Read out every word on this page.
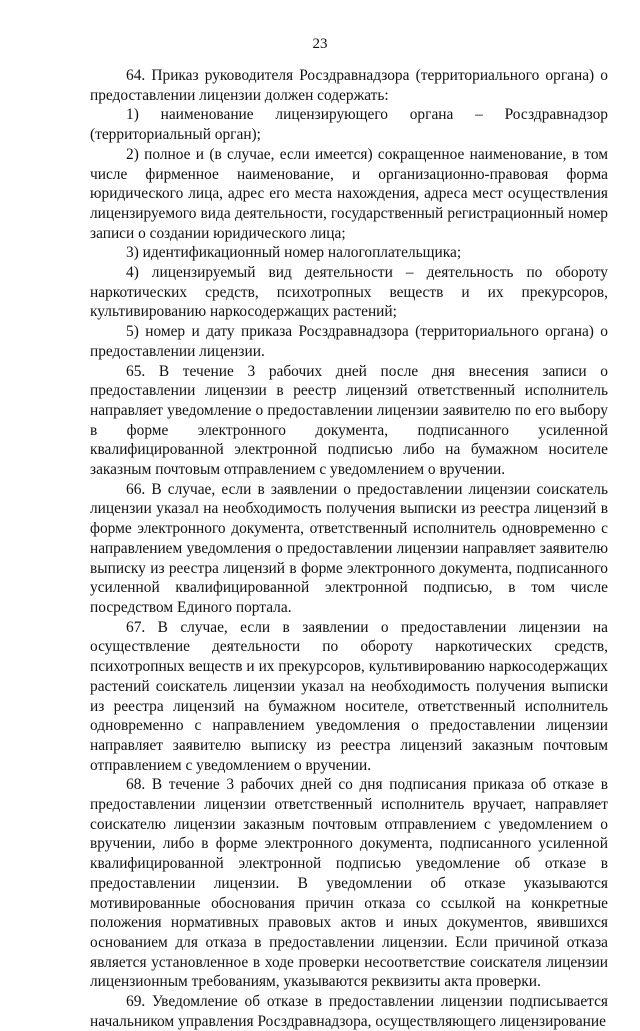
23

64. Приказ руководителя Росздравнадзора (территориального органа) о предоставлении лицензии должен содержать:

1) наименование лицензирующего органа – Росздравнадзор (территориальный орган);

2) полное и (в случае, если имеется) сокращенное наименование, в том числе фирменное наименование, и организационно-правовая форма юридического лица, адрес его места нахождения, адреса мест осуществления лицензируемого вида деятельности, государственный регистрационный номер записи о создании юридического лица;

3) идентификационный номер налогоплательщика;

4) лицензируемый вид деятельности – деятельность по обороту наркотических средств, психотропных веществ и их прекурсоров, культивированию наркосодержащих растений;

5) номер и дату приказа Росздравнадзора (территориального органа) о предоставлении лицензии.

65. В течение 3 рабочих дней после дня внесения записи о предоставлении лицензии в реестр лицензий ответственный исполнитель направляет уведомление о предоставлении лицензии заявителю по его выбору в форме электронного документа, подписанного усиленной квалифицированной электронной подписью либо на бумажном носителе заказным почтовым отправлением с уведомлением о вручении.

66. В случае, если в заявлении о предоставлении лицензии соискатель лицензии указал на необходимость получения выписки из реестра лицензий в форме электронного документа, ответственный исполнитель одновременно с направлением уведомления о предоставлении лицензии направляет заявителю выписку из реестра лицензий в форме электронного документа, подписанного усиленной квалифицированной электронной подписью, в том числе посредством Единого портала.

67. В случае, если в заявлении о предоставлении лицензии на осуществление деятельности по обороту наркотических средств, психотропных веществ и их прекурсоров, культивированию наркосодержащих растений соискатель лицензии указал на необходимость получения выписки из реестра лицензий на бумажном носителе, ответственный исполнитель одновременно с направлением уведомления о предоставлении лицензии направляет заявителю выписку из реестра лицензий заказным почтовым отправлением с уведомлением о вручении.

68. В течение 3 рабочих дней со дня подписания приказа об отказе в предоставлении лицензии ответственный исполнитель вручает, направляет соискателю лицензии заказным почтовым отправлением с уведомлением о вручении, либо в форме электронного документа, подписанного усиленной квалифицированной электронной подписью уведомление об отказе в предоставлении лицензии. В уведомлении об отказе указываются мотивированные обоснования причин отказа со ссылкой на конкретные положения нормативных правовых актов и иных документов, явившихся основанием для отказа в предоставлении лицензии. Если причиной отказа является установленное в ходе проверки несоответствие соискателя лицензии лицензионным требованиям, указываются реквизиты акта проверки.

69. Уведомление об отказе в предоставлении лицензии подписывается начальником управления Росздравнадзора, осуществляющего лицензирование
